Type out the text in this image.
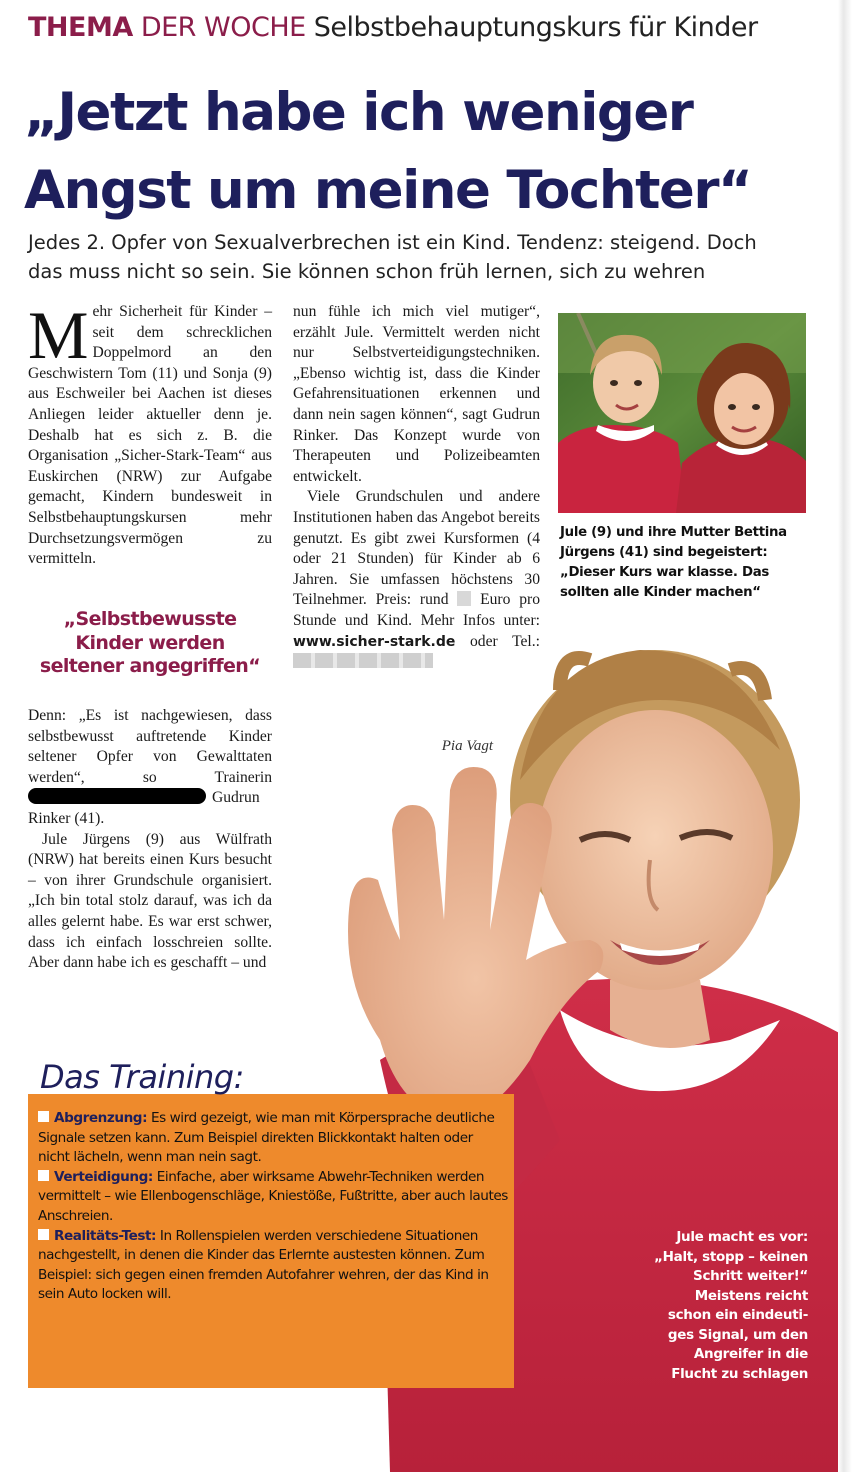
THEMA DER WOCHE Selbstbehauptungskurs für Kinder
„Jetzt habe ich weniger
Angst um meine Tochter“

Jedes 2. Opfer von Sexualverbrechen ist ein Kind. Tendenz: steigend. Doch
das muss nicht so sein. Sie können schon früh lernen, sich zu wehren

Mehr Sicherheit für Kinder – seit dem schrecklichen Doppelmord an den Geschwistern Tom (11) und Sonja (9) aus Eschweiler bei Aachen ist dieses Anliegen leider aktueller denn je. Deshalb hat es sich z. B. die Organisation „Sicher-Stark-Team“ aus Euskirchen (NRW) zur Aufgabe gemacht, Kindern bundesweit in Selbstbehauptungskursen mehr Durchsetzungsvermögen zu vermitteln.

„Selbstbewusste
Kinder werden
seltener angegriffen“

Denn: „Es ist nachgewiesen, dass selbstbewusst auftretende Kinder seltener Opfer von Gewalttaten werden“, so Trainerin Gudrun Rinker (41).

Jule Jürgens (9) aus Wülfrath (NRW) hat bereits einen Kurs besucht – von ihrer Grundschule organisiert. „Ich bin total stolz darauf, was ich da alles gelernt habe. Es war erst schwer, dass ich einfach losschreien sollte. Aber dann habe ich es geschafft – und

nun fühle ich mich viel mutiger“, erzählt Jule. Vermittelt werden nicht nur Selbstverteidigungstechniken. „Ebenso wichtig ist, dass die Kinder Gefahrensituationen erkennen und dann nein sagen können“, sagt Gudrun Rinker. Das Konzept wurde von Therapeuten und Polizeibeamten entwickelt.

Viele Grundschulen und andere Institutionen haben das Angebot bereits genutzt. Es gibt zwei Kursformen (4 oder 21 Stunden) für Kinder ab 6 Jahren. Sie umfassen höchstens 30 Teilnehmer. Preis: rund Euro pro Stunde und Kind. Mehr Infos unter: www.sicher-stark.de oder Tel.:

Pia Vagt
Jule (9) und ihre Mutter Bettina
Jürgens (41) sind begeistert:
„Dieser Kurs war klasse. Das
sollten alle Kinder machen“
Jule macht es vor:
„Halt, stopp – keinen
Schritt weiter!“
Meistens reicht
schon ein eindeuti-
ges Signal, um den
Angreifer in die
Flucht zu schlagen
Das Training:

Abgrenzung: Es wird gezeigt, wie man mit Körpersprache deutliche Signale setzen kann. Zum Beispiel direkten Blickkontakt halten oder nicht lächeln, wenn man nein sagt.

Verteidigung: Einfache, aber wirksame Abwehr-Techniken werden vermittelt – wie Ellenbogenschläge, Kniestöße, Fußtritte, aber auch lautes Anschreien.

Realitäts-Test: In Rollenspielen werden verschiedene Situationen nachgestellt, in denen die Kinder das Erlernte austesten können. Zum Beispiel: sich gegen einen fremden Autofahrer wehren, der das Kind in sein Auto locken will.
